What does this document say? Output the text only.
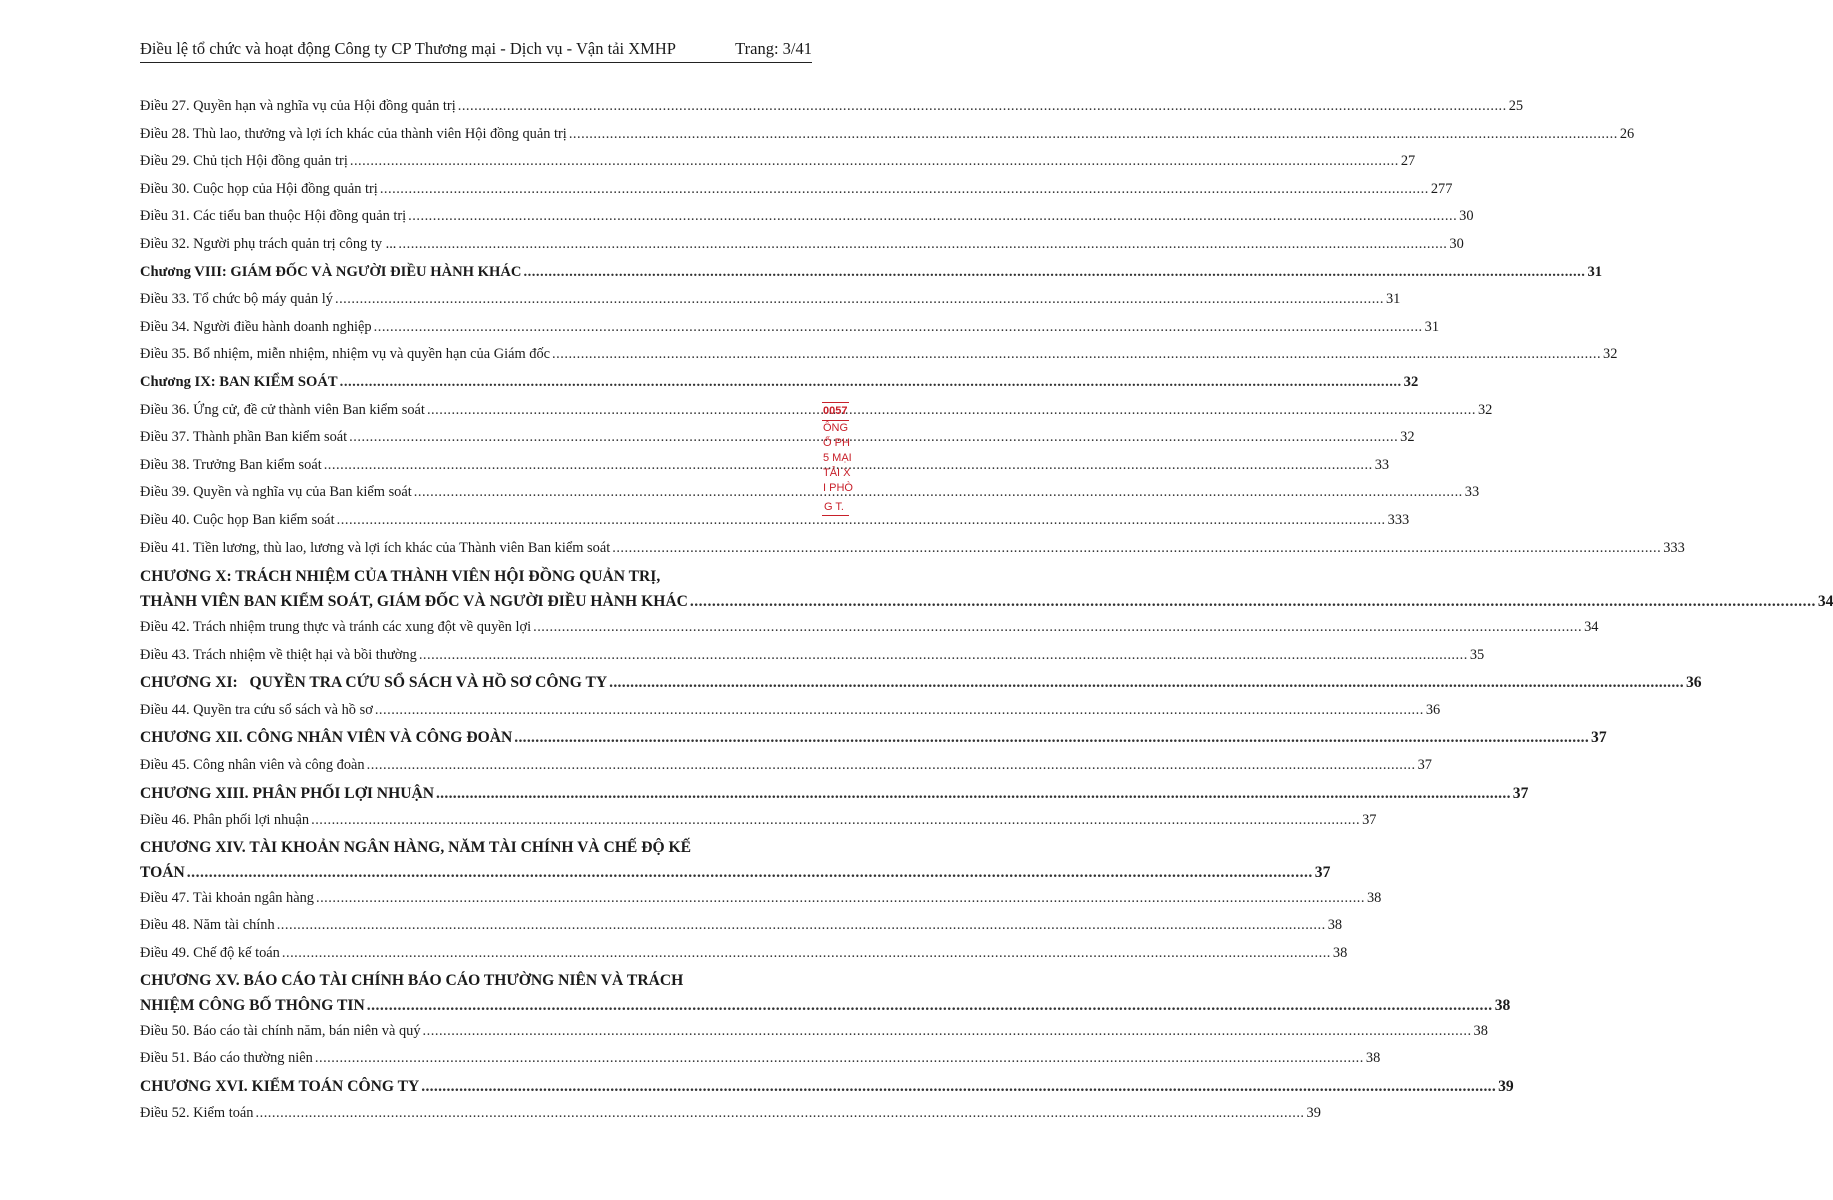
Điều lệ tổ chức và hoạt động Công ty CP Thương mại - Dịch vụ - Vận tải XMHP	Trang: 3/41
Điều 27. Quyền hạn và nghĩa vụ của Hội đồng quản trị .....	25
Điều 28. Thù lao, thưởng và lợi ích khác của thành viên Hội đồng quản trị .....	26
Điều 29. Chủ tịch Hội đồng quản trị .....	27
Điều 30. Cuộc họp của Hội đồng quản trị .....	277
Điều 31. Các tiểu ban thuộc Hội đồng quản trị .....	30
Điều 32. Người phụ trách quản trị công ty ... .....	30
Chương VIII: GIÁM ĐỐC VÀ NGƯỜI ĐIỀU HÀNH KHÁC .....	31
Điều 33. Tổ chức bộ máy quản lý .....	31
Điều 34. Người điều hành doanh nghiệp .....	31
Điều 35. Bổ nhiệm, miễn nhiệm, nhiệm vụ và quyền hạn của Giám đốc .....	32
Chương IX: BAN KIỂM SOÁT .....	32
Điều 36. Ứng cử, đề cử thành viên Ban kiểm soát .....	32
Điều 37. Thành phần Ban kiểm soát .....	32
Điều 38. Trưởng Ban kiểm soát .....	33
Điều 39. Quyền và nghĩa vụ của Ban kiểm soát .....	33
Điều 40. Cuộc họp Ban kiểm soát .....	333
Điều 41. Tiền lương, thù lao, lương và lợi ích khác của Thành viên Ban kiểm soát .....	333
CHƯƠNG X: TRÁCH NHIỆM CỦA THÀNH VIÊN HỘI ĐỒNG QUẢN TRỊ,
THÀNH VIÊN BAN KIỂM SOÁT, GIÁM ĐỐC VÀ NGƯỜI ĐIỀU HÀNH KHÁC .....	34
Điều 42. Trách nhiệm trung thực và tránh các xung đột về quyền lợi .....	34
Điều 43. Trách nhiệm về thiệt hại và bồi thường .....	35
CHƯƠNG XI:   QUYỀN TRA CỨU SỔ SÁCH VÀ HỒ SƠ CÔNG TY .....	36
Điều 44. Quyền tra cứu sổ sách và hồ sơ .....	36
CHƯƠNG XII. CÔNG NHÂN VIÊN VÀ CÔNG ĐOÀN .....	37
Điều 45. Công nhân viên và công đoàn .....	37
CHƯƠNG XIII. PHÂN PHỐI LỢI NHUẬN .....	37
Điều 46. Phân phối lợi nhuận .....	37
CHƯƠNG XIV. TÀI KHOẢN NGÂN HÀNG, NĂM TÀI CHÍNH VÀ CHẾ ĐỘ KẾ
TOÁN .....	37
Điều 47. Tài khoản ngân hàng .....	38
Điều 48. Năm tài chính .....	38
Điều 49. Chế độ kế toán .....	38
CHƯƠNG XV. BÁO CÁO TÀI CHÍNH BÁO CÁO THƯỜNG NIÊN VÀ TRÁCH
NHIỆM CÔNG BỐ THÔNG TIN .....	38
Điều 50. Báo cáo tài chính năm, bán niên và quý .....	38
Điều 51. Báo cáo thường niên .....	38
CHƯƠNG XVI. KIỂM TOÁN CÔNG TY .....	39
Điều 52. Kiểm toán .....	39
0057
ÔNG
Ổ PH
5 MẠI
TẢI X
I PHÒ
G T.
